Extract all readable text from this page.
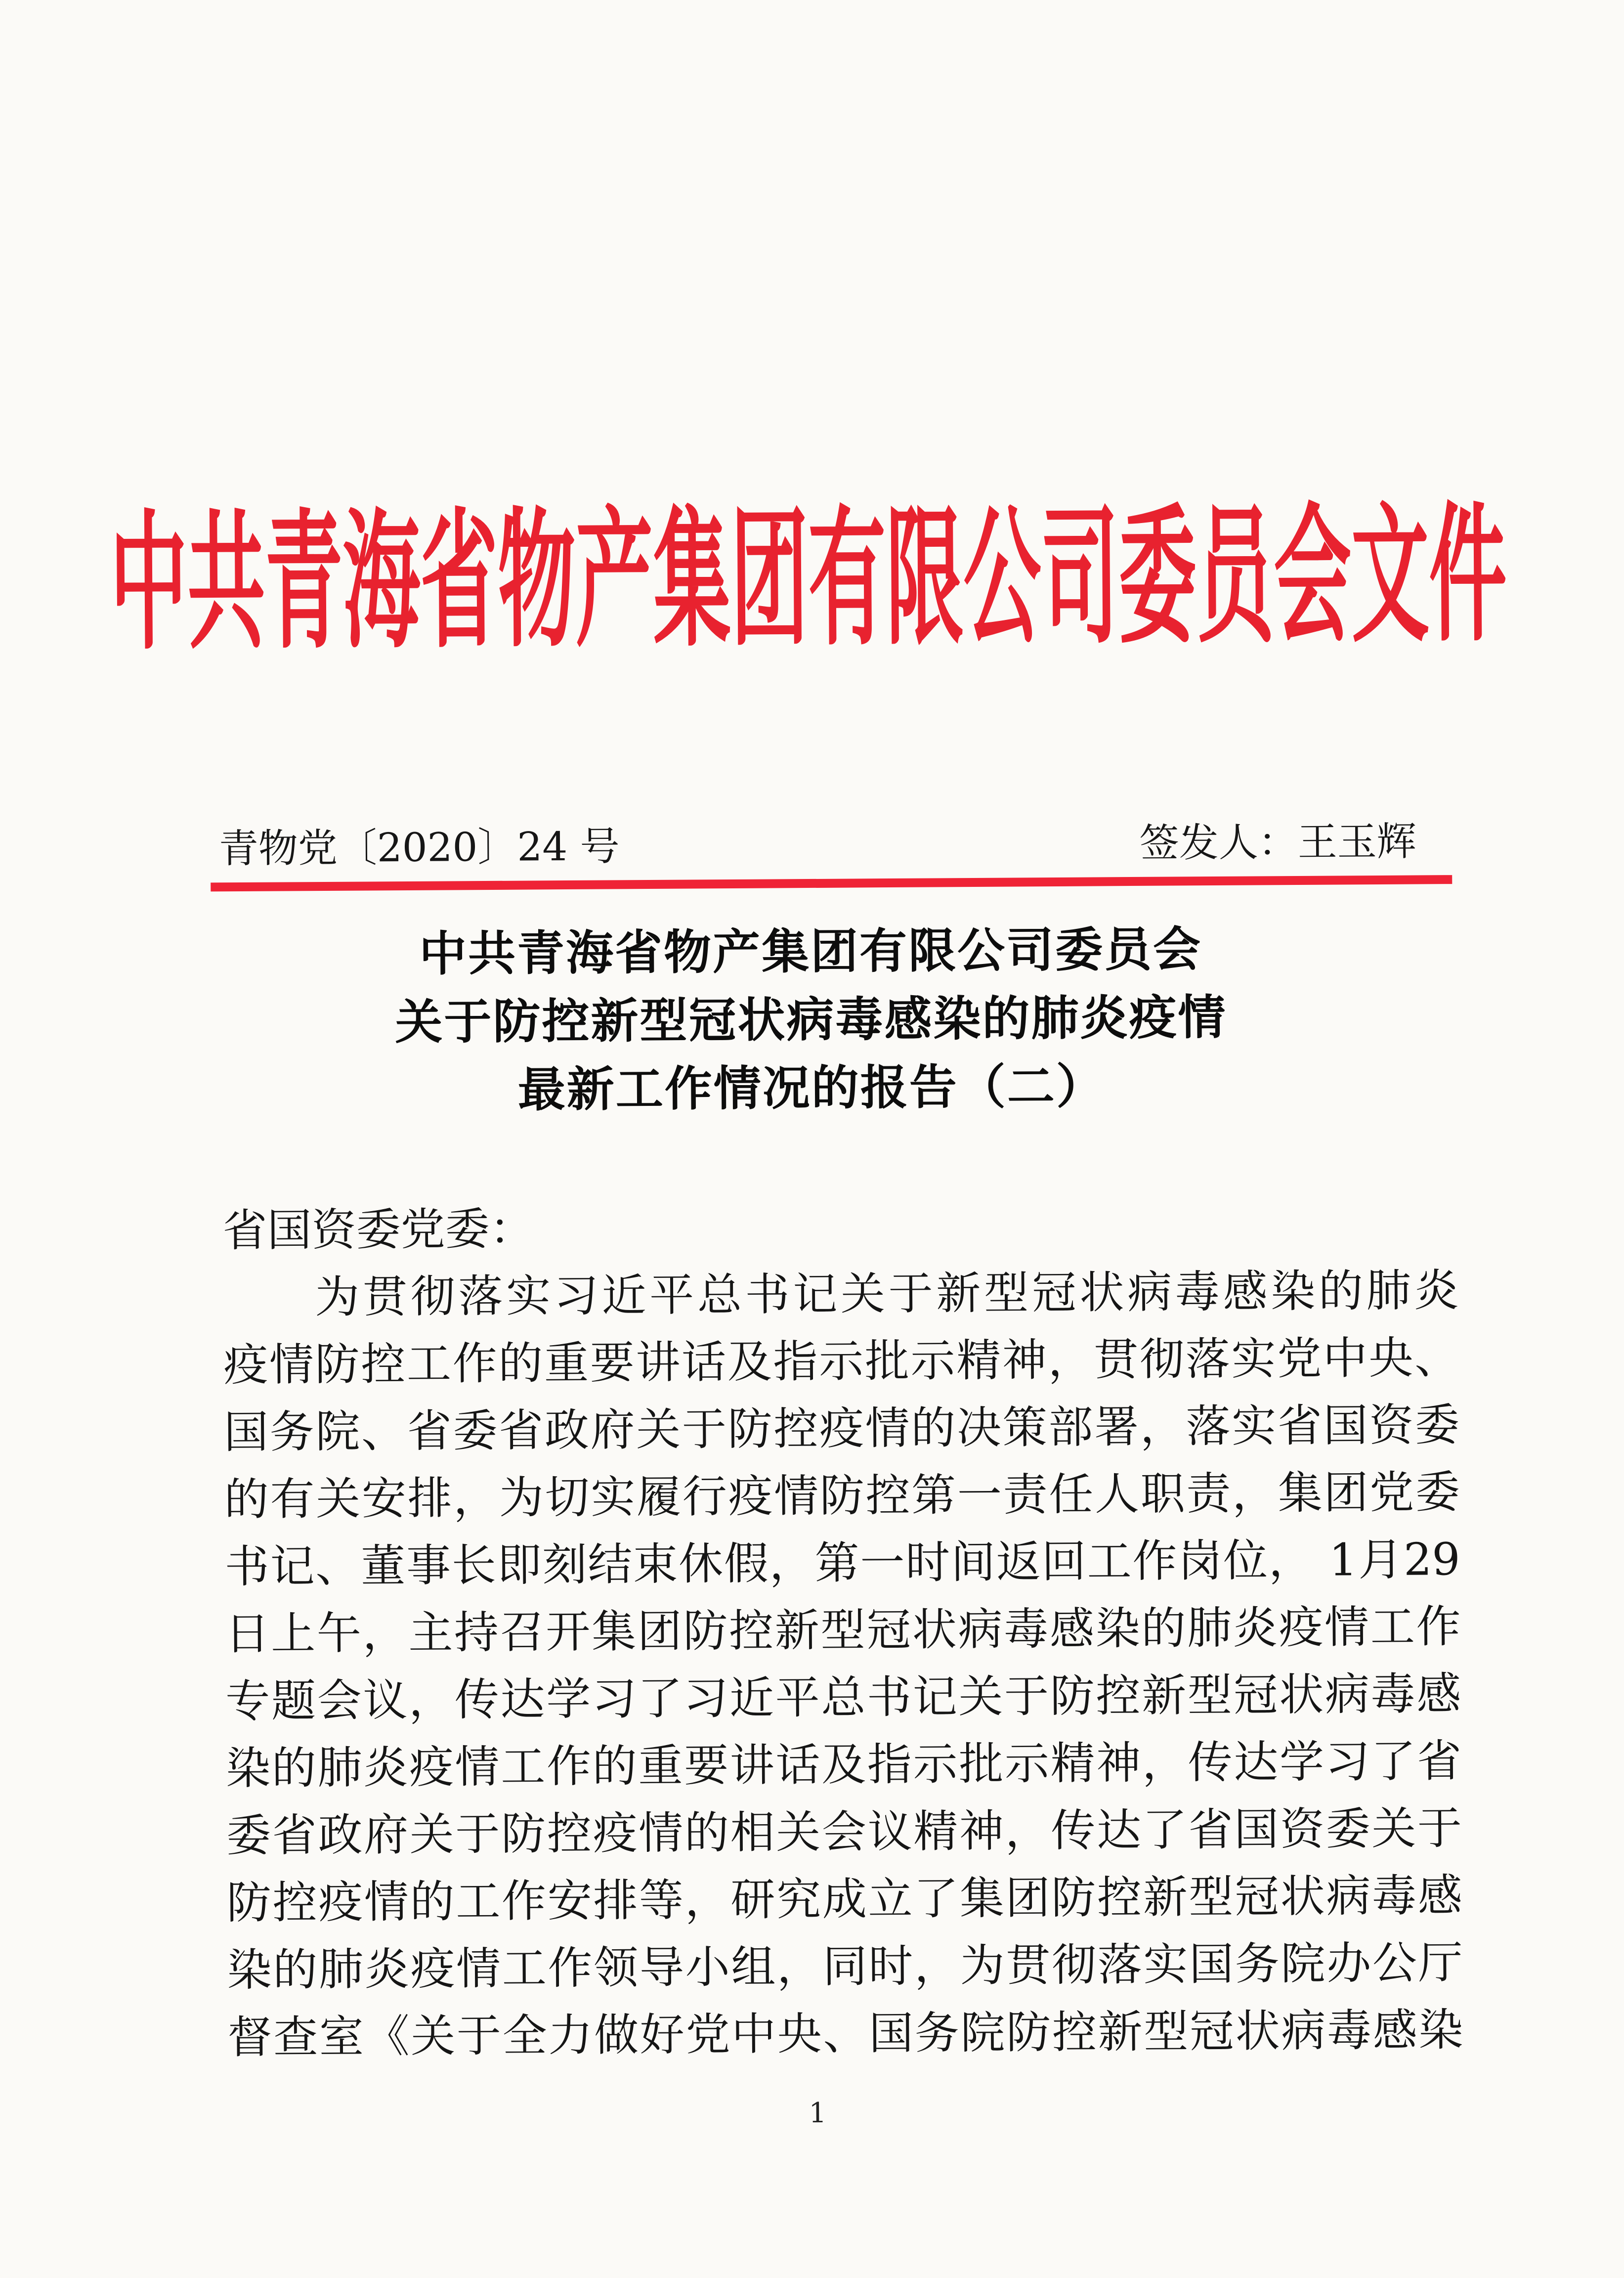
中共青海省物产集团有限公司委员会文件
青物党〔2020〕24 号	签发人：王玉辉
中共青海省物产集团有限公司委员会
关于防控新型冠状病毒感染的肺炎疫情
最新工作情况的报告（二）
省国资委党委：
为贯彻落实习近平总书记关于新型冠状病毒感染的肺炎
疫情防控工作的重要讲话及指示批示精神，贯彻落实党中央、
国务院、省委省政府关于防控疫情的决策部署，落实省国资委
的有关安排，为切实履行疫情防控第一责任人职责，集团党委
书记、董事长即刻结束休假，第一时间返回工作岗位， 1月29
日上午，主持召开集团防控新型冠状病毒感染的肺炎疫情工作
专题会议，传达学习了习近平总书记关于防控新型冠状病毒感
染的肺炎疫情工作的重要讲话及指示批示精神，传达学习了省
委省政府关于防控疫情的相关会议精神，传达了省国资委关于
防控疫情的工作安排等，研究成立了集团防控新型冠状病毒感
染的肺炎疫情工作领导小组，同时，为贯彻落实国务院办公厅
督查室《关于全力做好党中央、国务院防控新型冠状病毒感染
1
